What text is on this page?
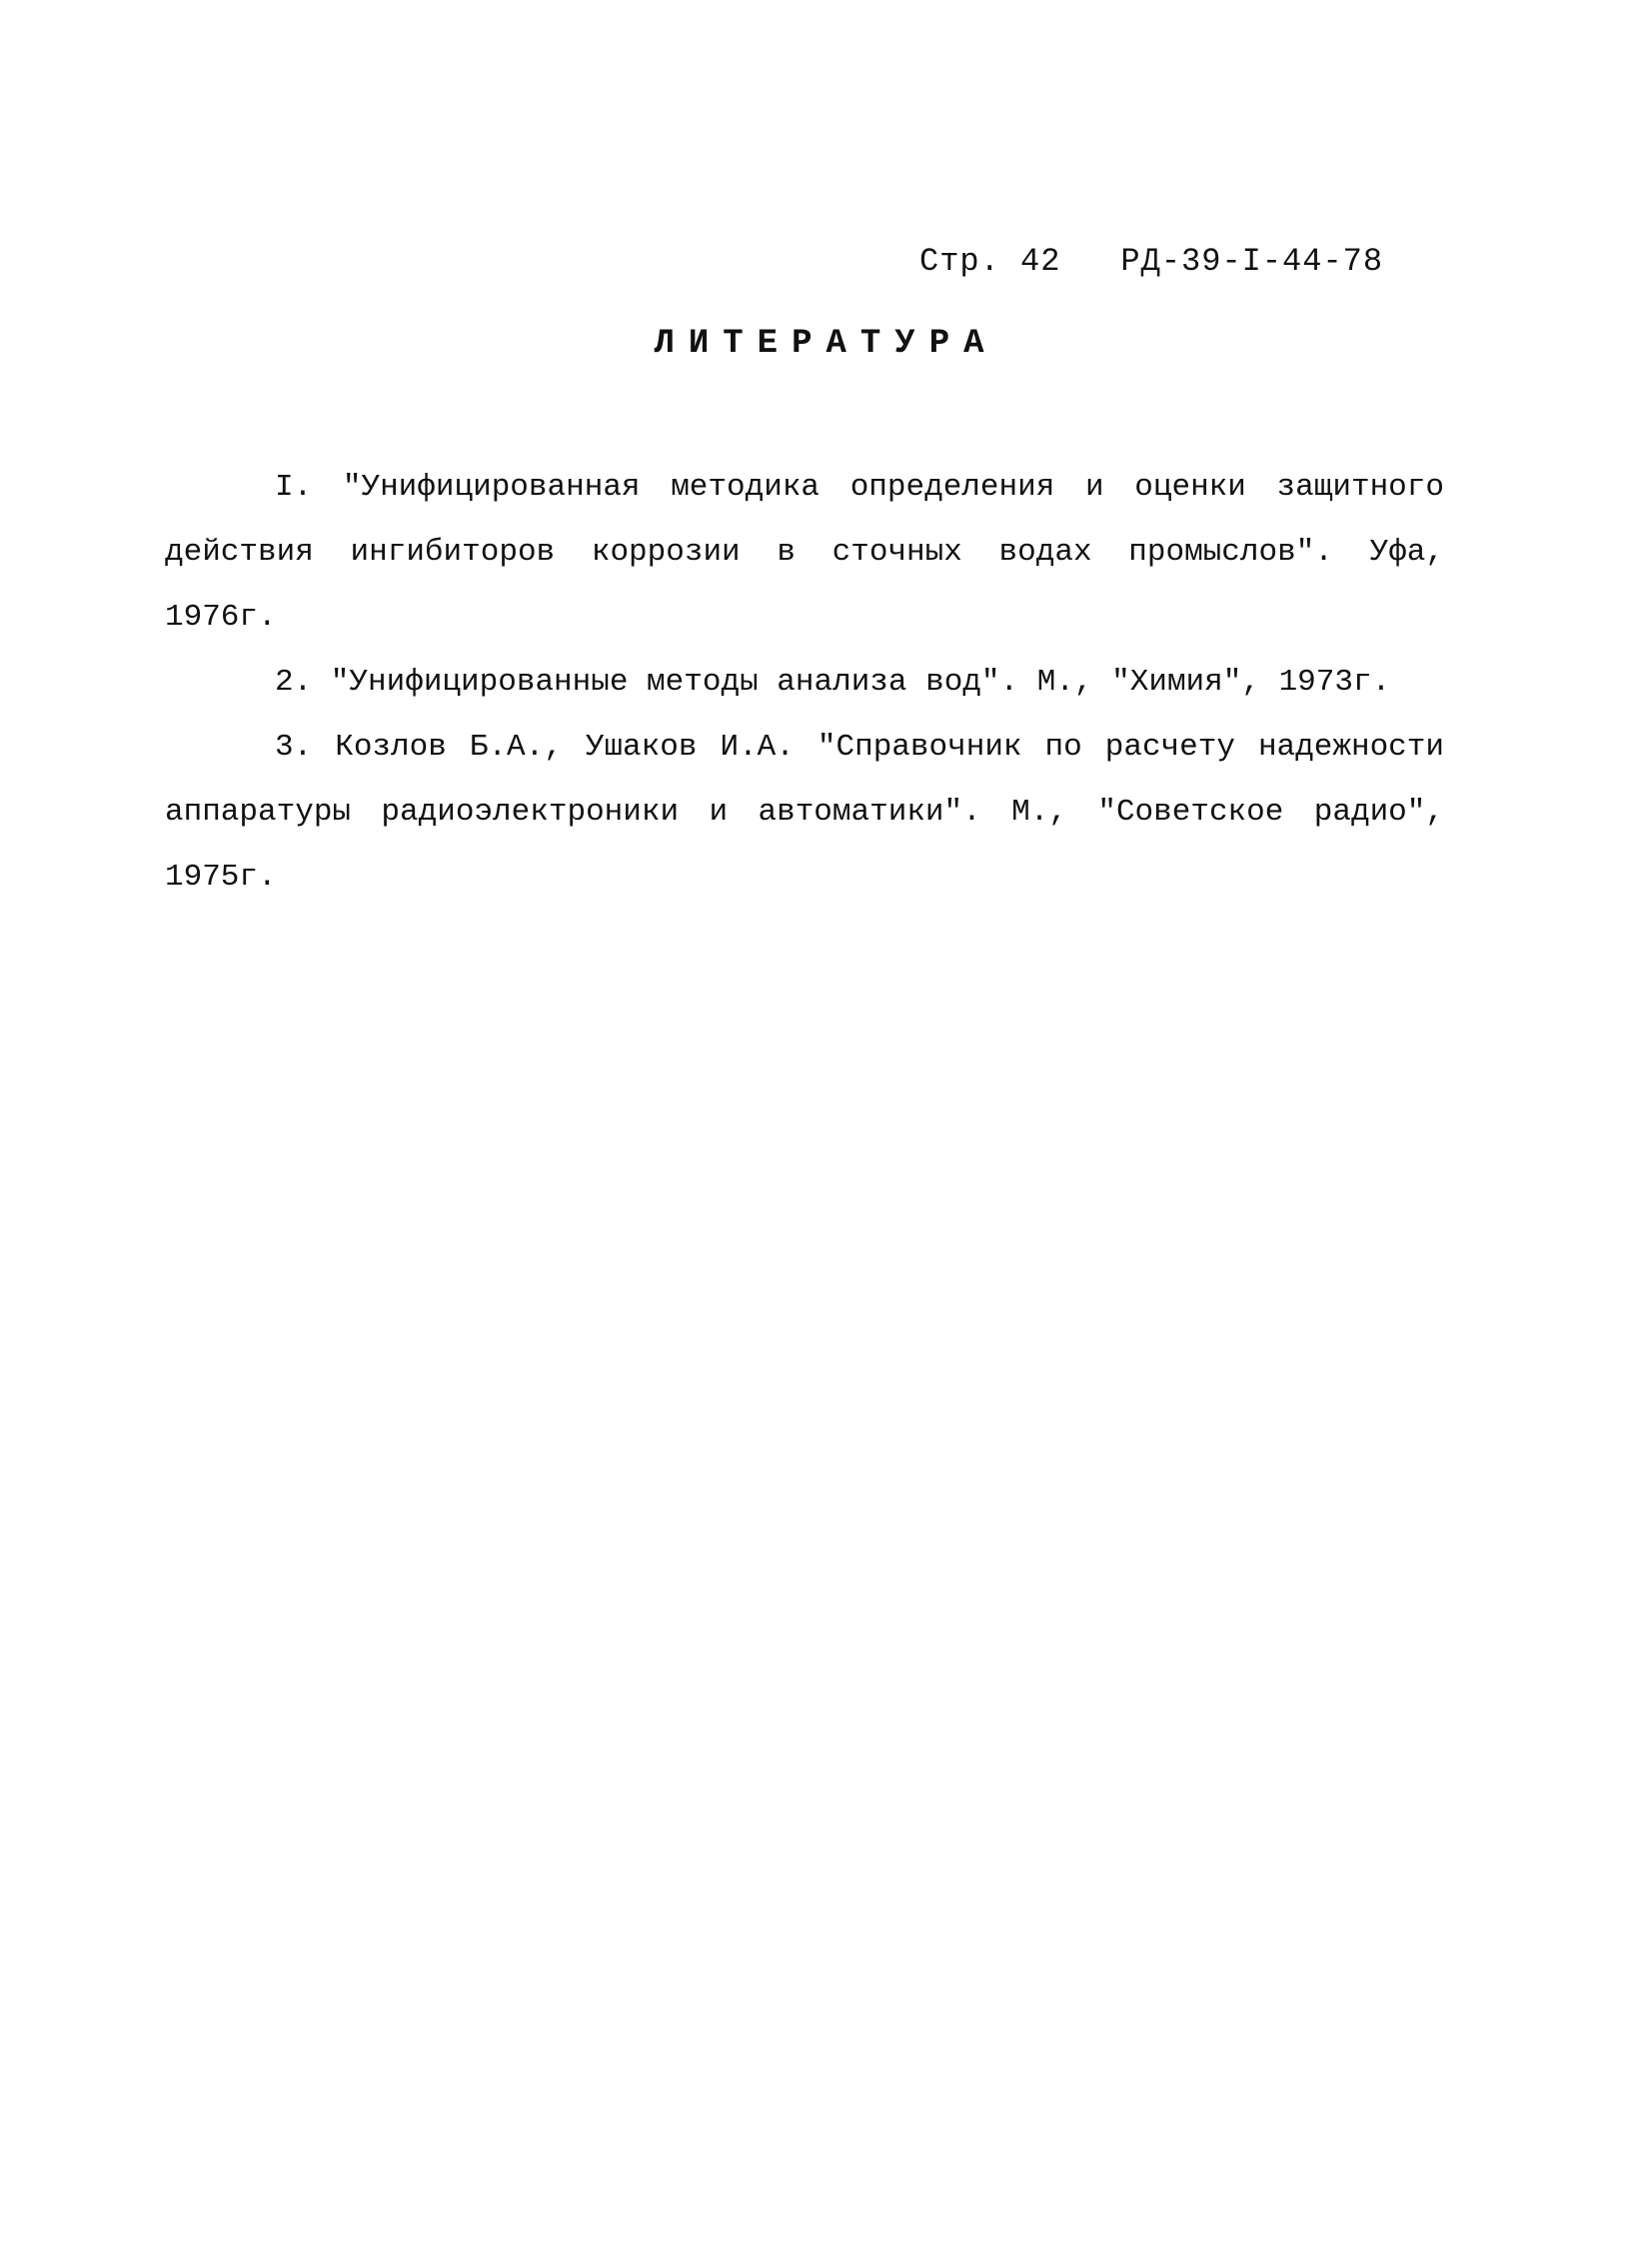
Стр. 42 РД-39-I-44-78
ЛИТЕРАТУРА

I. "Унифицированная методика определения и оценки защитного действия ингибиторов коррозии в сточных водах промыслов". Уфа, 1976г.

2. "Унифицированные методы анализа вод". М., "Химия", 1973г.

3. Козлов Б.А., Ушаков И.А. "Справочник по расчету надежности аппаратуры радиоэлектроники и автоматики". М., "Советское радио", 1975г.
